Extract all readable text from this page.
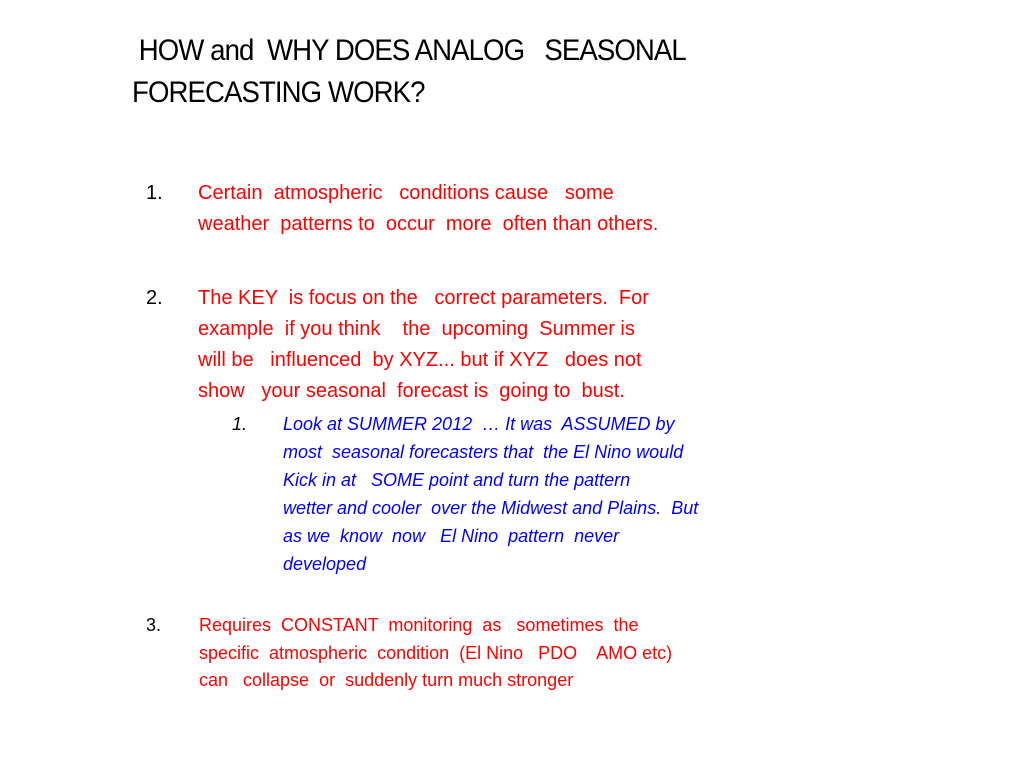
HOW and  WHY DOES ANALOG   SEASONAL
FORECASTING WORK?
1.	Certain  atmospheric   conditions cause   some
weather  patterns to  occur  more  often than others.
2.	The KEY  is focus on the   correct parameters.  For
example  if you think    the  upcoming  Summer is
will be   influenced  by XYZ... but if XYZ   does not
show   your seasonal  forecast is  going to  bust.
1.	Look at SUMMER 2012  … It was  ASSUMED by
most  seasonal forecasters that  the El Nino would
Kick in at   SOME point and turn the pattern
wetter and cooler  over the Midwest and Plains.  But
as we  know  now   El Nino  pattern  never
developed
3.	Requires  CONSTANT  monitoring  as   sometimes  the
specific  atmospheric  condition  (El Nino   PDO    AMO etc)
can   collapse  or  suddenly turn much stronger
